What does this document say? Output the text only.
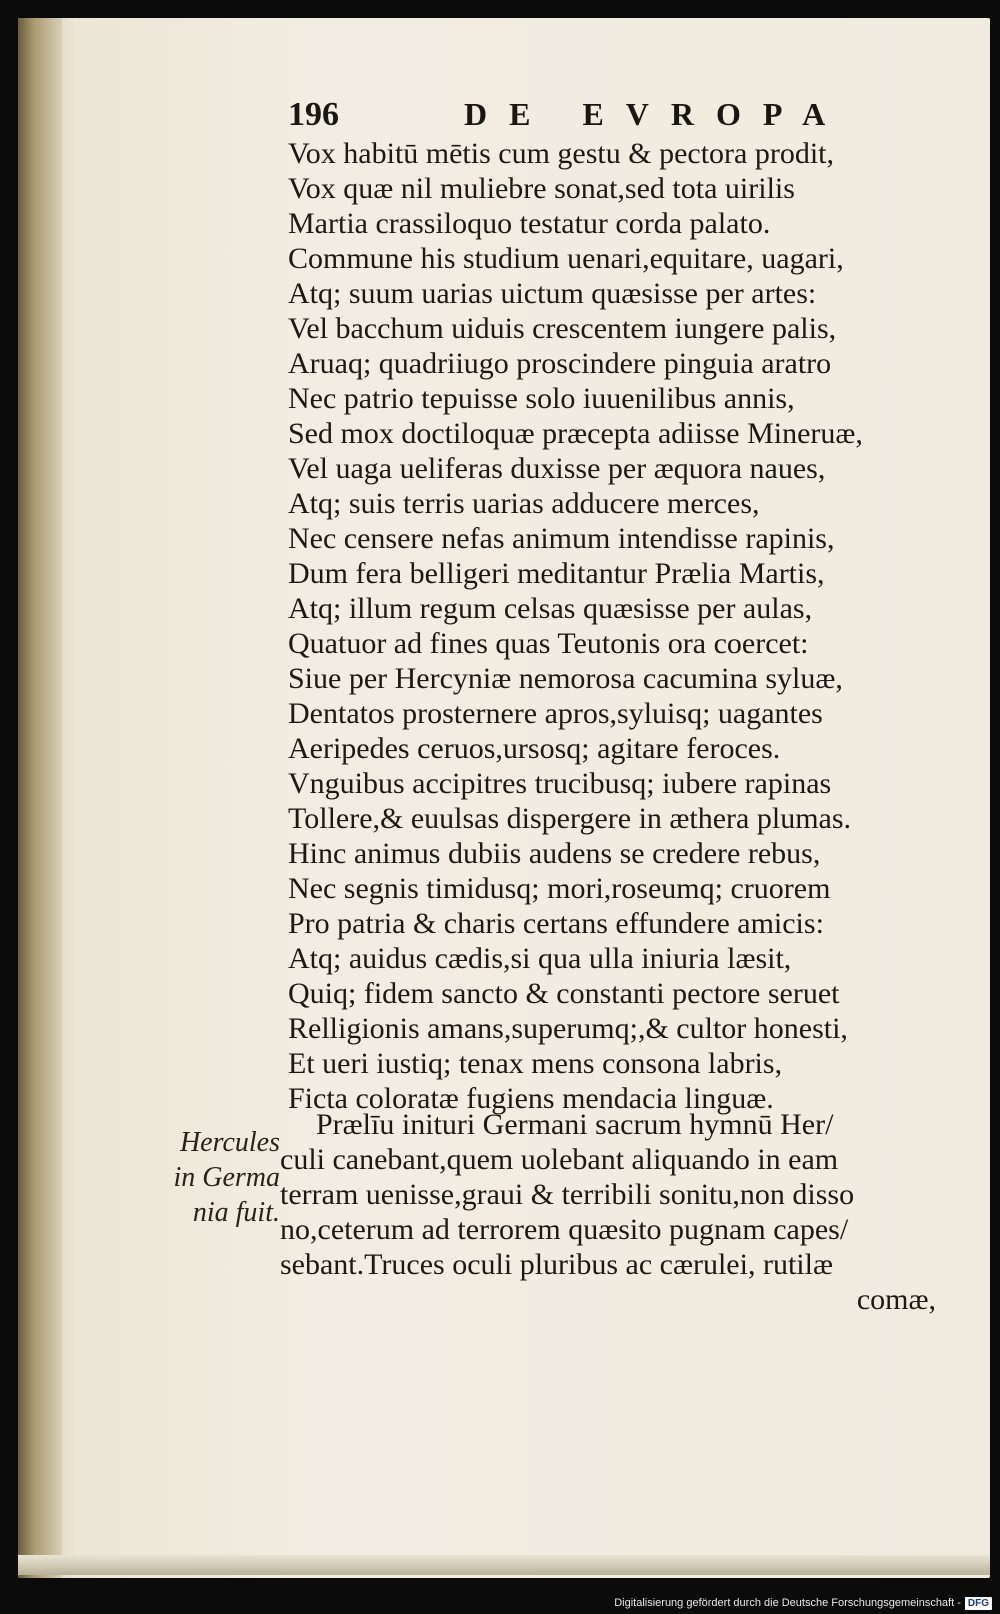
196	DE EVROPA
Vox habitū mētis cum gestu & pectora prodit,
Vox quæ nil muliebre sonat,sed tota uirilis
Martia crassiloquo testatur corda palato.
Commune his studium uenari,equitare, uagari,
Atq; suum uarias uictum quæsisse per artes:
Vel bacchum uiduis crescentem iungere palis,
Aruaq; quadriiugo proscindere pinguia aratro
Nec patrio tepuisse solo iuuenilibus annis,
Sed mox doctiloquæ præcepta adiisse Mineruæ,
Vel uaga ueliferas duxisse per æquora naues,
Atq; suis terris uarias adducere merces,
Nec censere nefas animum intendisse rapinis,
Dum fera belligeri meditantur Prælia Martis,
Atq; illum regum celsas quæsisse per aulas,
Quatuor ad fines quas Teutonis ora coercet:
Siue per Hercyniæ nemorosa cacumina syluæ,
Dentatos prosternere apros,syluisq; uagantes
Aeripedes ceruos,ursosq; agitare feroces.
Vnguibus accipitres trucibusq; iubere rapinas
Tollere,& euulsas dispergere in æthera plumas.
Hinc animus dubiis audens se credere rebus,
Nec segnis timidusq; mori,roseumq; cruorem
Pro patria & charis certans effundere amicis:
Atq; auidus cædis,si qua ulla iniuria læsit,
Quiq; fidem sancto & constanti pectore seruet
Relligionis amans,superumq;,& cultor honesti,
Et ueri iustiq; tenax mens consona labris,
Ficta coloratæ fugiens mendacia linguæ.
Hercules
in Germa
nia fuit.
Prælīu inituri Germani sacrum hymnū Her/
culi canebant,quem uolebant aliquando in eam
terram uenisse,graui & terribili sonitu,non disso
no,ceterum ad terrorem quæsito pugnam capes/
sebant.Truces oculi pluribus ac cærulei, rutilæ
comæ,
Digitalisierung gefördert durch die Deutsche Forschungsgemeinschaft - DFG
